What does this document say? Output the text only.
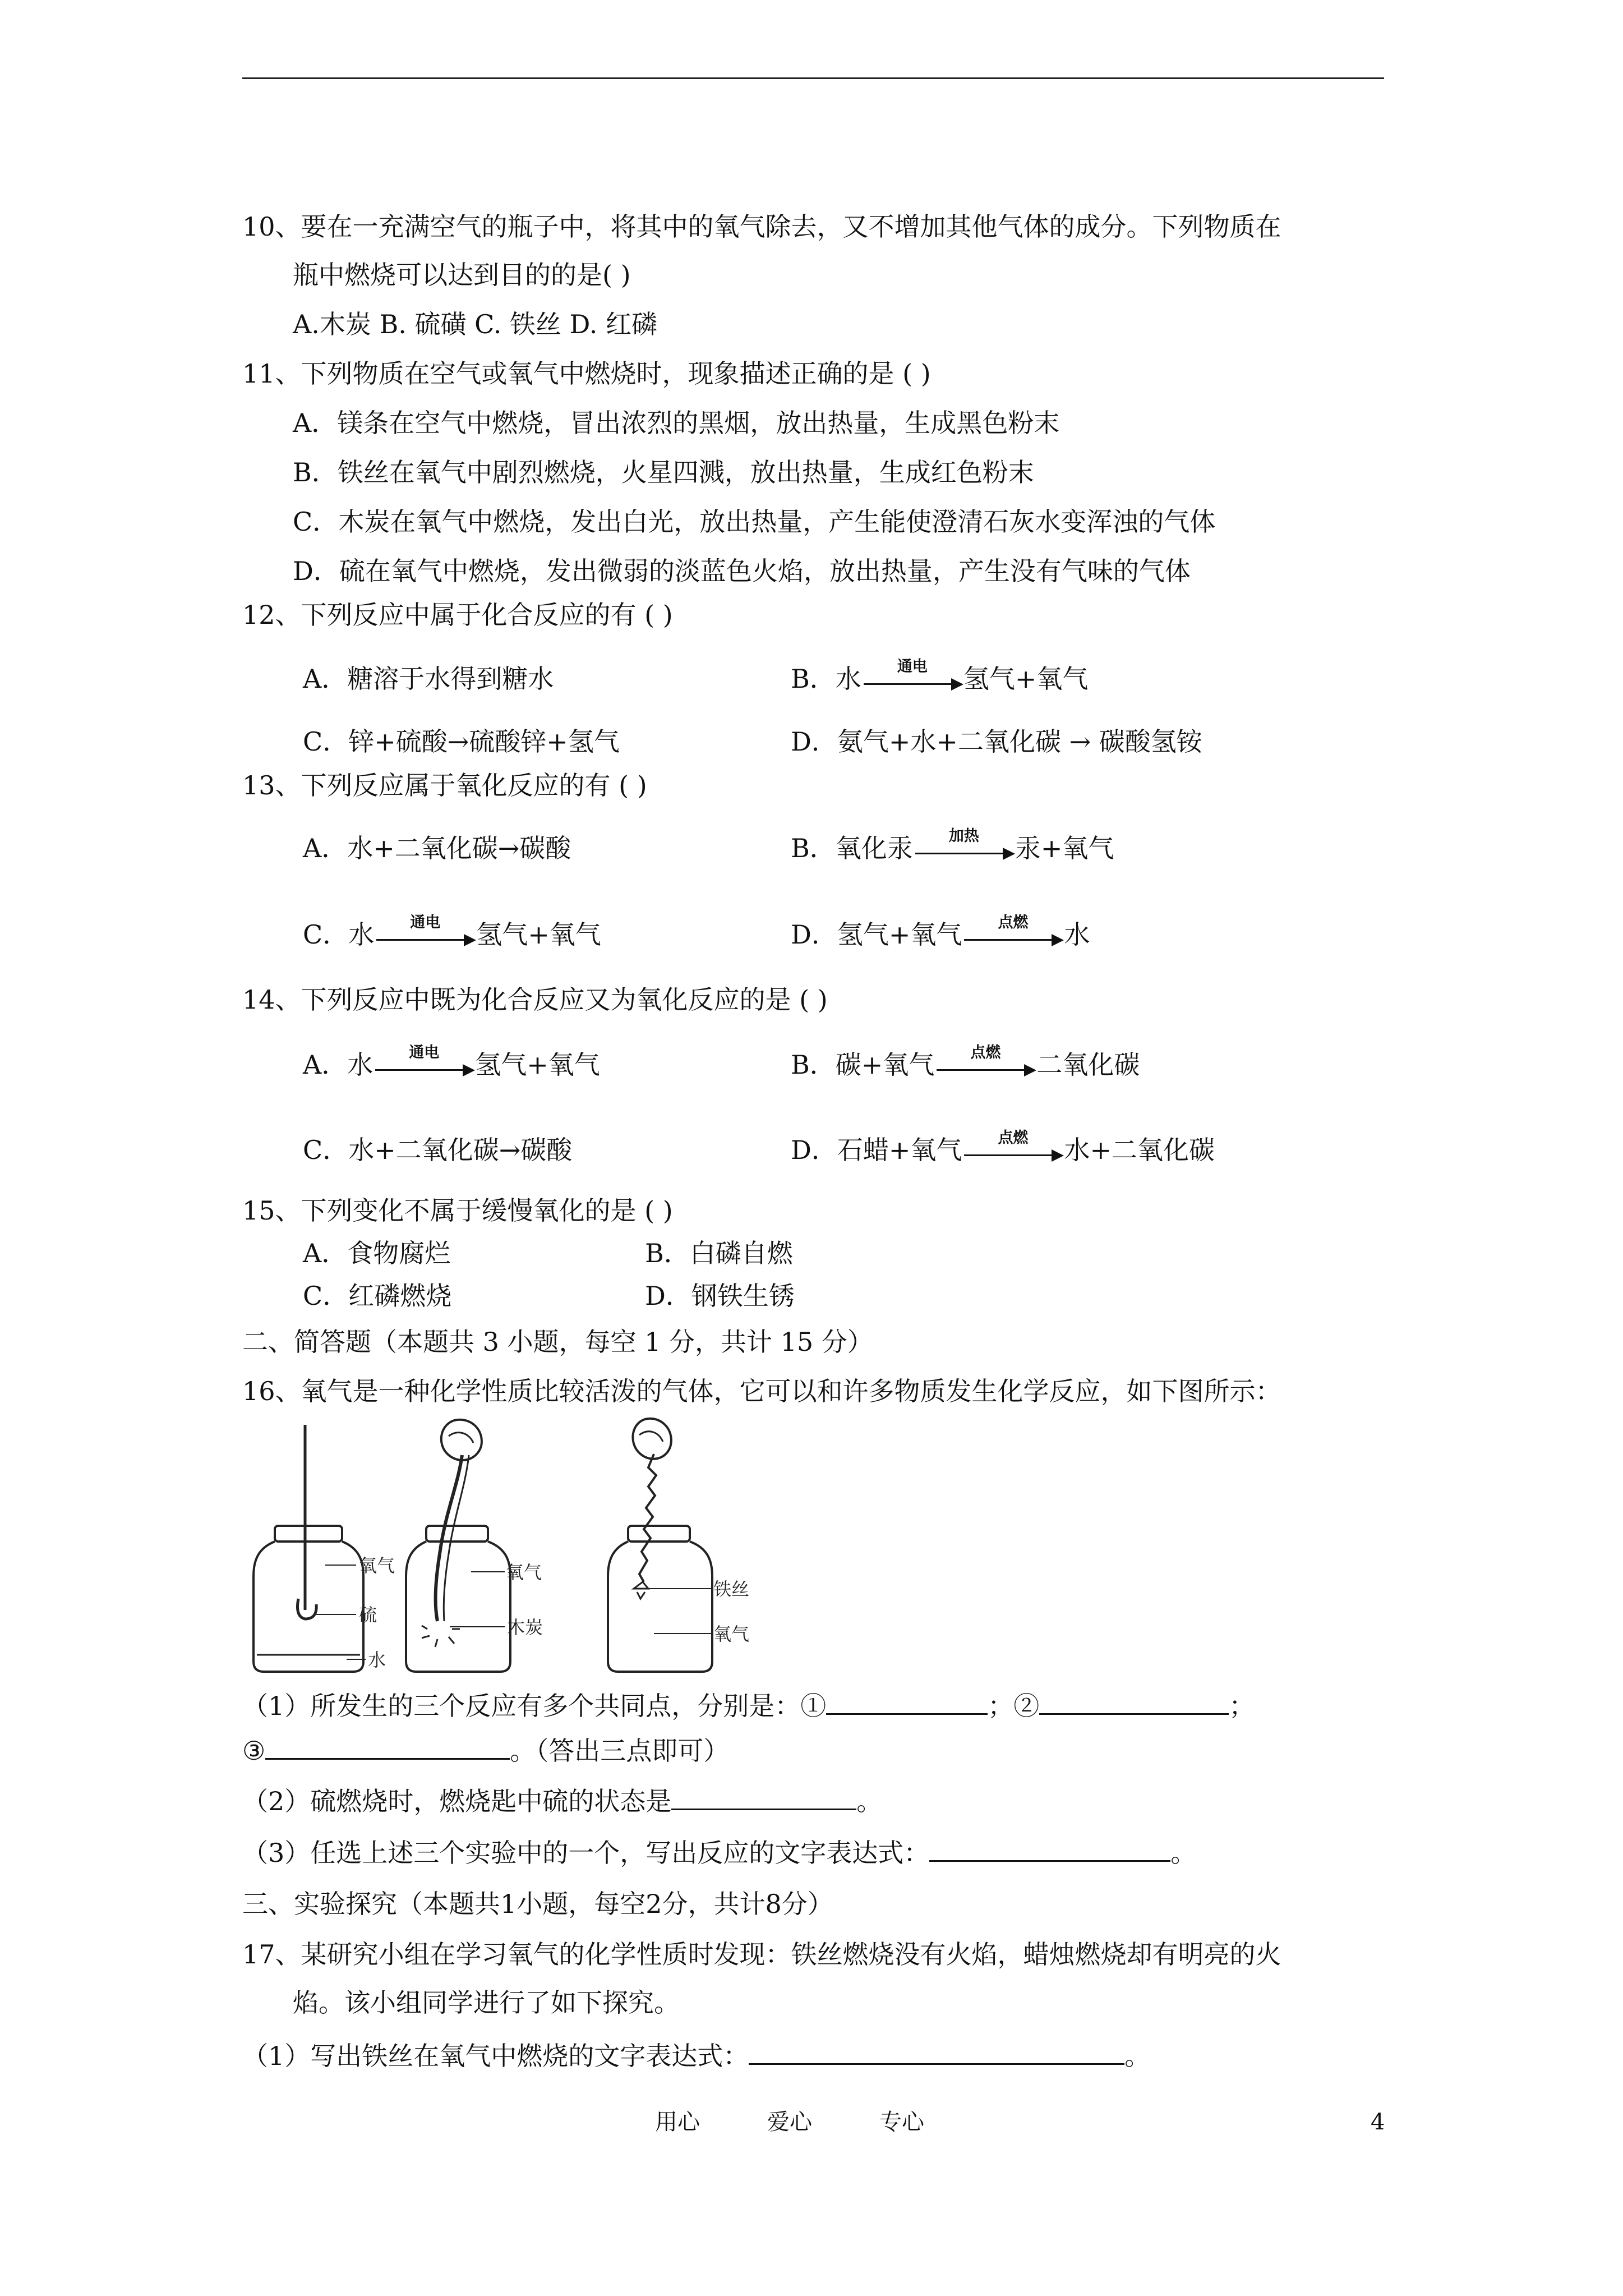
10、要在一充满空气的瓶子中，将其中的氧气除去，又不增加其他气体的成分。下列物质在
瓶中燃烧可以达到目的的是( )
A.木炭 B. 硫磺 C. 铁丝 D. 红磷
11、下列物质在空气或氧气中燃烧时，现象描述正确的是 ( )
A．镁条在空气中燃烧，冒出浓烈的黑烟，放出热量，生成黑色粉末
B．铁丝在氧气中剧烈燃烧，火星四溅，放出热量，生成红色粉末
C．木炭在氧气中燃烧，发出白光，放出热量，产生能使澄清石灰水变浑浊的气体
D．硫在氧气中燃烧，发出微弱的淡蓝色火焰，放出热量，产生没有气味的气体
12、下列反应中属于化合反应的有 ( )
A．糖溶于水得到糖水	B．水	通电	氢气+氧气
C．锌+硫酸→硫酸锌+氢气	D．氨气+水+二氧化碳 → 碳酸氢铵
13、下列反应属于氧化反应的有 ( )
A．水+二氧化碳→碳酸	B．氧化汞	加热	汞+氧气
C．水	通电	氢气+氧气	D．氢气+氧气	点燃	水
14、下列反应中既为化合反应又为氧化反应的是 ( )
A．水	通电	氢气+氧气	B．碳+氧气	点燃	二氧化碳
C．水+二氧化碳→碳酸	D．石蜡+氧气	点燃	水+二氧化碳
15、下列变化不属于缓慢氧化的是 ( )
A．食物腐烂	B．白磷自燃
C．红磷燃烧	D．钢铁生锈
二、简答题（本题共 3 小题，每空 1 分，共计 15 分）
16、氧气是一种化学性质比较活泼的气体，它可以和许多物质发生化学反应，如下图所示：
氧气
硫
水
氧气
木炭
铁丝
氧气
（1）所发生的三个反应有多个共同点，分别是：①	；②	；
③	。（答出三点即可）
（2）硫燃烧时，燃烧匙中硫的状态是	。
（3）任选上述三个实验中的一个，写出反应的文字表达式：	。
三、实验探究（本题共1小题，每空2分，共计8分）
17、某研究小组在学习氧气的化学性质时发现：铁丝燃烧没有火焰，蜡烛燃烧却有明亮的火
焰。该小组同学进行了如下探究。
（1）写出铁丝在氧气中燃烧的文字表达式：	。
用心	爱心	专心	4
